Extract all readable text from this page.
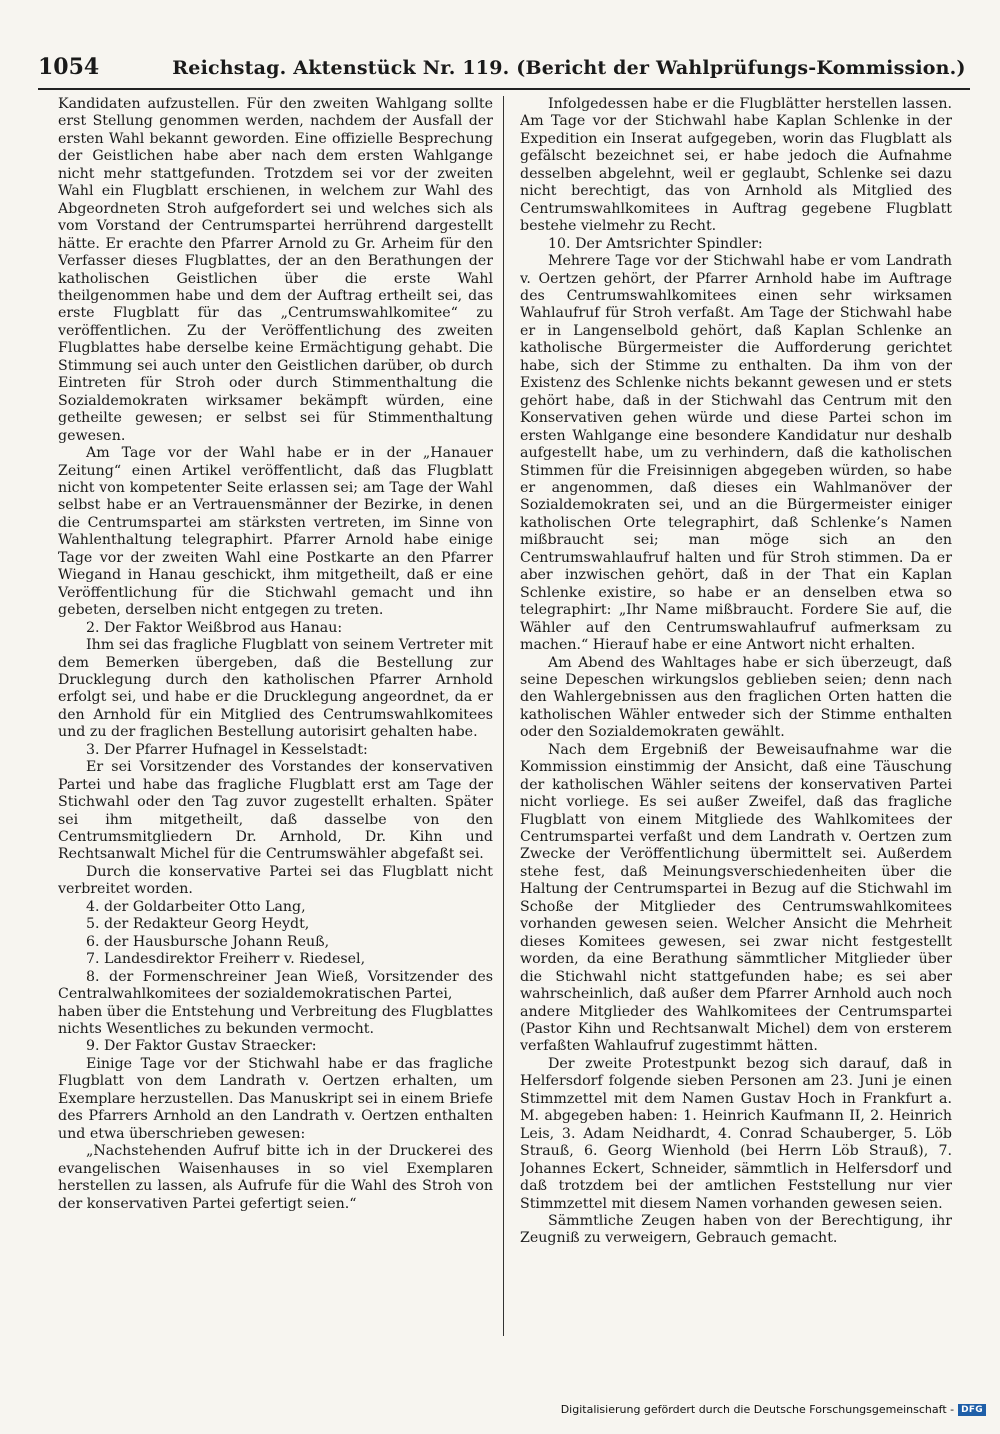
1054	Reichstag. Aktenstück Nr. 119. (Bericht der Wahlprüfungs-Kommission.)

Kandidaten aufzustellen. Für den zweiten Wahlgang sollte erst Stellung genommen werden, nachdem der Ausfall der ersten Wahl bekannt geworden. Eine offizielle Besprechung der Geistlichen habe aber nach dem ersten Wahlgange nicht mehr stattgefunden. Trotzdem sei vor der zweiten Wahl ein Flugblatt erschienen, in welchem zur Wahl des Abgeordneten Stroh aufgefordert sei und welches sich als vom Vorstand der Centrumspartei herrührend dargestellt hätte. Er erachte den Pfarrer Arnold zu Gr. Arheim für den Verfasser dieses Flugblattes, der an den Berathungen der katholischen Geistlichen über die erste Wahl theilgenommen habe und dem der Auftrag ertheilt sei, das erste Flugblatt für das „Centrumswahlkomitee“ zu veröffentlichen. Zu der Veröffentlichung des zweiten Flugblattes habe derselbe keine Ermächtigung gehabt. Die Stimmung sei auch unter den Geistlichen darüber, ob durch Eintreten für Stroh oder durch Stimmenthaltung die Sozialdemokraten wirksamer bekämpft würden, eine getheilte gewesen; er selbst sei für Stimmenthaltung gewesen.

Am Tage vor der Wahl habe er in der „Hanauer Zeitung“ einen Artikel veröffentlicht, daß das Flugblatt nicht von kompetenter Seite erlassen sei; am Tage der Wahl selbst habe er an Vertrauensmänner der Bezirke, in denen die Centrumspartei am stärksten vertreten, im Sinne von Wahlenthaltung telegraphirt. Pfarrer Arnold habe einige Tage vor der zweiten Wahl eine Postkarte an den Pfarrer Wiegand in Hanau geschickt, ihm mitgetheilt, daß er eine Veröffentlichung für die Stichwahl gemacht und ihn gebeten, derselben nicht entgegen zu treten.

2. Der Faktor Weißbrod aus Hanau:

Ihm sei das fragliche Flugblatt von seinem Vertreter mit dem Bemerken übergeben, daß die Bestellung zur Drucklegung durch den katholischen Pfarrer Arnhold erfolgt sei, und habe er die Drucklegung angeordnet, da er den Arnhold für ein Mitglied des Centrumswahlkomitees und zu der fraglichen Bestellung autorisirt gehalten habe.

3. Der Pfarrer Hufnagel in Kesselstadt:

Er sei Vorsitzender des Vorstandes der konservativen Partei und habe das fragliche Flugblatt erst am Tage der Stichwahl oder den Tag zuvor zugestellt erhalten. Später sei ihm mitgetheilt, daß dasselbe von den Centrumsmitgliedern Dr. Arnhold, Dr. Kihn und Rechtsanwalt Michel für die Centrumswähler abgefaßt sei.

Durch die konservative Partei sei das Flugblatt nicht verbreitet worden.

4. der Goldarbeiter Otto Lang,

5. der Redakteur Georg Heydt,

6. der Hausbursche Johann Reuß,

7. Landesdirektor Freiherr v. Riedesel,

8. der Formenschreiner Jean Wieß, Vorsitzender des Centralwahlkomitees der sozialdemokratischen Partei,

haben über die Entstehung und Verbreitung des Flugblattes nichts Wesentliches zu bekunden vermocht.

9. Der Faktor Gustav Straecker:

Einige Tage vor der Stichwahl habe er das fragliche Flugblatt von dem Landrath v. Oertzen erhalten, um Exemplare herzustellen. Das Manuskript sei in einem Briefe des Pfarrers Arnhold an den Landrath v. Oertzen enthalten und etwa überschrieben gewesen:

„Nachstehenden Aufruf bitte ich in der Druckerei des evangelischen Waisenhauses in so viel Exemplaren herstellen zu lassen, als Aufrufe für die Wahl des Stroh von der konservativen Partei gefertigt seien.“

Infolgedessen habe er die Flugblätter herstellen lassen. Am Tage vor der Stichwahl habe Kaplan Schlenke in der Expedition ein Inserat aufgegeben, worin das Flugblatt als gefälscht bezeichnet sei, er habe jedoch die Aufnahme desselben abgelehnt, weil er geglaubt, Schlenke sei dazu nicht berechtigt, das von Arnhold als Mitglied des Centrumswahlkomitees in Auftrag gegebene Flugblatt bestehe vielmehr zu Recht.

10. Der Amtsrichter Spindler:

Mehrere Tage vor der Stichwahl habe er vom Landrath v. Oertzen gehört, der Pfarrer Arnhold habe im Auftrage des Centrumswahlkomitees einen sehr wirksamen Wahlaufruf für Stroh verfaßt. Am Tage der Stichwahl habe er in Langenselbold gehört, daß Kaplan Schlenke an katholische Bürgermeister die Aufforderung gerichtet habe, sich der Stimme zu enthalten. Da ihm von der Existenz des Schlenke nichts bekannt gewesen und er stets gehört habe, daß in der Stichwahl das Centrum mit den Konservativen gehen würde und diese Partei schon im ersten Wahlgange eine besondere Kandidatur nur deshalb aufgestellt habe, um zu verhindern, daß die katholischen Stimmen für die Freisinnigen abgegeben würden, so habe er angenommen, daß dieses ein Wahlmanöver der Sozialdemokraten sei, und an die Bürgermeister einiger katholischen Orte telegraphirt, daß Schlenke’s Namen mißbraucht sei; man möge sich an den Centrumswahlaufruf halten und für Stroh stimmen. Da er aber inzwischen gehört, daß in der That ein Kaplan Schlenke existire, so habe er an denselben etwa so telegraphirt: „Ihr Name mißbraucht. Fordere Sie auf, die Wähler auf den Centrumswahlaufruf aufmerksam zu machen.“ Hierauf habe er eine Antwort nicht erhalten.

Am Abend des Wahltages habe er sich überzeugt, daß seine Depeschen wirkungslos geblieben seien; denn nach den Wahlergebnissen aus den fraglichen Orten hatten die katholischen Wähler entweder sich der Stimme enthalten oder den Sozialdemokraten gewählt.

Nach dem Ergebniß der Beweisaufnahme war die Kommission einstimmig der Ansicht, daß eine Täuschung der katholischen Wähler seitens der konservativen Partei nicht vorliege. Es sei außer Zweifel, daß das fragliche Flugblatt von einem Mitgliede des Wahlkomitees der Centrumspartei verfaßt und dem Landrath v. Oertzen zum Zwecke der Veröffentlichung übermittelt sei. Außerdem stehe fest, daß Meinungsverschiedenheiten über die Haltung der Centrumspartei in Bezug auf die Stichwahl im Schoße der Mitglieder des Centrumswahlkomitees vorhanden gewesen seien. Welcher Ansicht die Mehrheit dieses Komitees gewesen, sei zwar nicht festgestellt worden, da eine Berathung sämmtlicher Mitglieder über die Stichwahl nicht stattgefunden habe; es sei aber wahrscheinlich, daß außer dem Pfarrer Arnhold auch noch andere Mitglieder des Wahlkomitees der Centrumspartei (Pastor Kihn und Rechtsanwalt Michel) dem von ersterem verfaßten Wahlaufruf zugestimmt hätten.

Der zweite Protestpunkt bezog sich darauf, daß in Helfersdorf folgende sieben Personen am 23. Juni je einen Stimmzettel mit dem Namen Gustav Hoch in Frankfurt a. M. abgegeben haben: 1. Heinrich Kaufmann II, 2. Heinrich Leis, 3. Adam Neidhardt, 4. Conrad Schauberger, 5. Löb Strauß, 6. Georg Wienhold (bei Herrn Löb Strauß), 7. Johannes Eckert, Schneider, sämmtlich in Helfersdorf und daß trotzdem bei der amtlichen Feststellung nur vier Stimmzettel mit diesem Namen vorhanden gewesen seien.

Sämmtliche Zeugen haben von der Berechtigung, ihr Zeugniß zu verweigern, Gebrauch gemacht.

Digitalisierung gefördert durch die Deutsche Forschungsgemeinschaft - DFG
